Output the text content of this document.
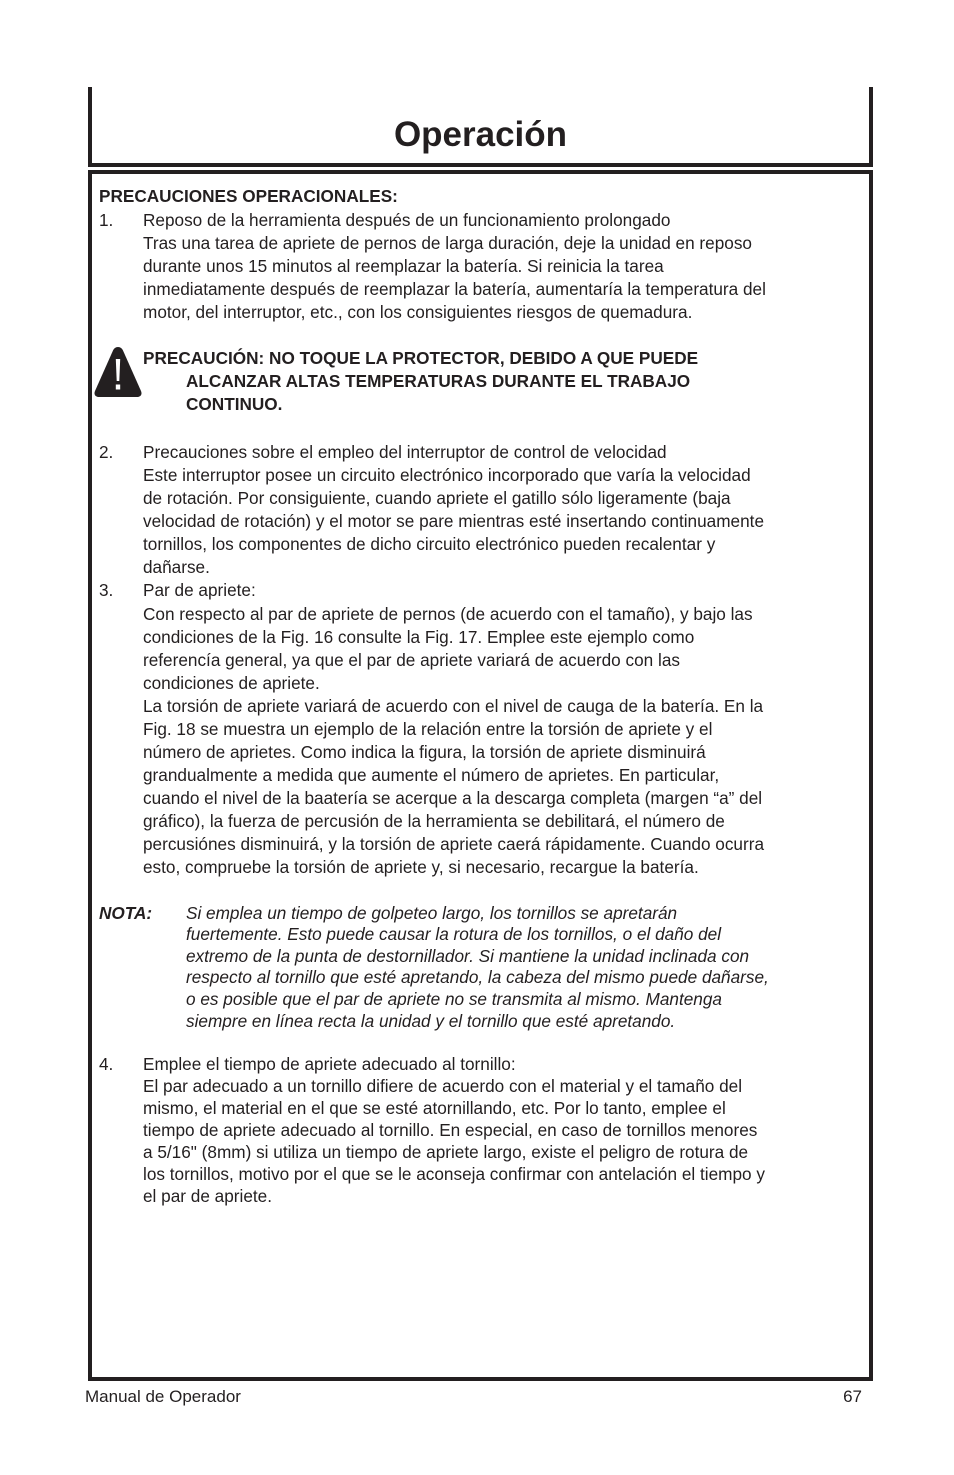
Operación
PRECAUCIONES OPERACIONALES:
1. Reposo de la herramienta después de un funcionamiento prolongado
Tras una tarea de apriete de pernos de larga duración, deje la unidad en reposo
durante unos 15 minutos al reemplazar la batería. Si reinicia la tarea
inmediatamente después de reemplazar la batería, aumentaría la temperatura del
motor, del interruptor, etc., con los consiguientes riesgos de quemadura.
PRECAUCIÓN: NO TOQUE LA PROTECTOR, DEBIDO A QUE PUEDE
ALCANZAR ALTAS TEMPERATURAS DURANTE EL TRABAJO
CONTINUO.
2. Precauciones sobre el empleo del interruptor de control de velocidad
Este interruptor posee un circuito electrónico incorporado que varía la velocidad
de rotación. Por consiguiente, cuando apriete el gatillo sólo ligeramente (baja
velocidad de rotación) y el motor se pare mientras esté insertando continuamente
tornillos, los componentes de dicho circuito electrónico pueden recalentar y
dañarse.
3. Par de apriete:
Con respecto al par de apriete de pernos (de acuerdo con el tamaño), y bajo las
condiciones de la Fig. 16 consulte la Fig. 17. Emplee este ejemplo como
referencía general, ya que el par de apriete variará de acuerdo con las
condiciones de apriete.
La torsión de apriete variará de acuerdo con el nivel de cauga de la batería. En la
Fig. 18 se muestra un ejemplo de la relación entre la torsión de apriete y el
número de aprietes. Como indica la figura, la torsión de apriete disminuirá
grandualmente a medida que aumente el número de aprietes. En particular,
cuando el nivel de la baatería se acerque a la descarga completa (margen “a” del
gráfico), la fuerza de percusión de la herramienta se debilitará, el número de
percusiónes disminuirá, y la torsión de apriete caerá rápidamente. Cuando ocurra
esto, compruebe la torsión de apriete y, si necesario, recargue la batería.
NOTA: Si emplea un tiempo de golpeteo largo, los tornillos se apretarán
fuertemente. Esto puede causar la rotura de los tornillos, o el daño del
extremo de la punta de destornillador. Si mantiene la unidad inclinada con
respecto al tornillo que esté apretando, la cabeza del mismo puede dañarse,
o es posible que el par de apriete no se transmita al mismo. Mantenga
siempre en línea recta la unidad y el tornillo que esté apretando.
4. Emplee el tiempo de apriete adecuado al tornillo:
El par adecuado a un tornillo difiere de acuerdo con el material y el tamaño del
mismo, el material en el que se esté atornillando, etc. Por lo tanto, emplee el
tiempo de apriete adecuado al tornillo. En especial, en caso de tornillos menores
a 5/16" (8mm) si utiliza un tiempo de apriete largo, existe el peligro de rotura de
los tornillos, motivo por el que se le aconseja confirmar con antelación el tiempo y
el par de apriete.
Manual de Operador	67
